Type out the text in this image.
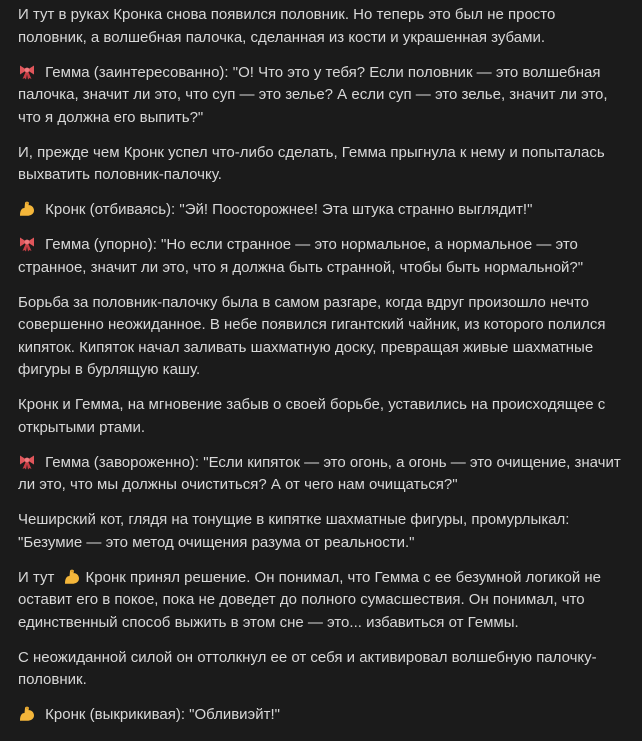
И тут в руках Кронка снова появился половник. Но теперь это был не просто половник, а волшебная палочка, сделанная из кости и украшенная зубами.

Гемма (заинтересованно): "О! Что это у тебя? Если половник — это волшебная палочка, значит ли это, что суп — это зелье? А если суп — это зелье, значит ли это, что я должна его выпить?"

И, прежде чем Кронк успел что-либо сделать, Гемма прыгнула к нему и попыталась выхватить половник-палочку.

Кронк (отбиваясь): "Эй! Поосторожнее! Эта штука странно выглядит!"

Гемма (упорно): "Но если странное — это нормальное, а нормальное — это странное, значит ли это, что я должна быть странной, чтобы быть нормальной?"

Борьба за половник-палочку была в самом разгаре, когда вдруг произошло нечто совершенно неожиданное. В небе появился гигантский чайник, из которого полился кипяток. Кипяток начал заливать шахматную доску, превращая живые шахматные фигуры в бурлящую кашу.

Кронк и Гемма, на мгновение забыв о своей борьбе, уставились на происходящее с открытыми ртами.

Гемма (завороженно): "Если кипяток — это огонь, а огонь — это очищение, значит ли это, что мы должны очиститься? А от чего нам очищаться?"

Чеширский кот, глядя на тонущие в кипятке шахматные фигуры, промурлыкал: "Безумие — это метод очищения разума от реальности."

И тут Кронк принял решение. Он понимал, что Гемма с ее безумной логикой не оставит его в покое, пока не доведет до полного сумасшествия. Он понимал, что единственный способ выжить в этом сне — это... избавиться от Геммы.

С неожиданной силой он оттолкнул ее от себя и активировал волшебную палочку-половник.

Кронк (выкрикивая): "Обливиэйт!"
